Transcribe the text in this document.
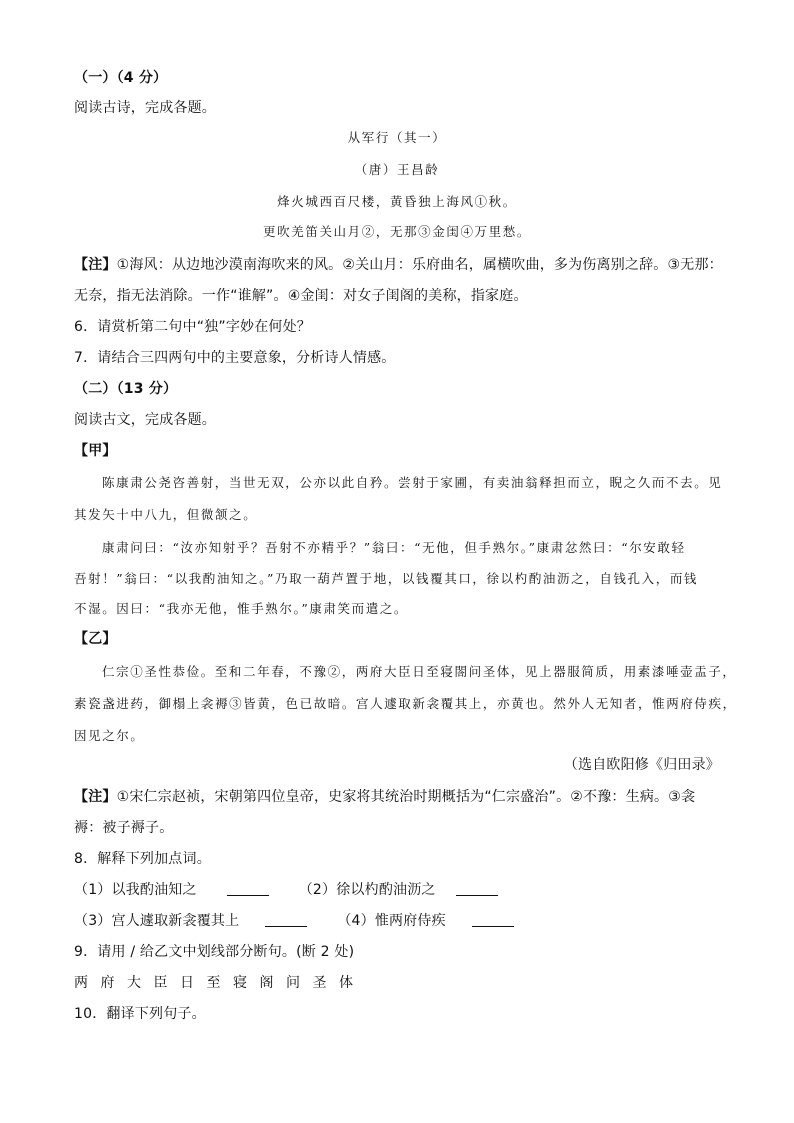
（一）（4 分）
阅读古诗，完成各题。
从军行（其一）
（唐）王昌龄
烽火城西百尺楼，黄昏独上海风①秋。
更吹羌笛关山月②，无那③金闺④万里愁。
【注】①海风：从边地沙漠南海吹来的风。②关山月：乐府曲名，属横吹曲，多为伤离别之辞。③无那：
无奈，指无法消除。一作“谁解”。④金闺：对女子闺阁的美称，指家庭。
6．请赏析第二句中“独”字妙在何处？
7．请结合三四两句中的主要意象，分析诗人情感。
（二）（13 分）
阅读古文，完成各题。
【甲】
陈康肃公尧咨善射，当世无双，公亦以此自矜。尝射于家圃，有卖油翁释担而立，睨之久而不去。见
其发矢十中八九，但微颔之。
康肃问曰：“汝亦知射乎？吾射不亦精乎？”翁曰：“无他，但手熟尔。”康肃忿然曰：“尔安敢轻
吾射！”翁曰：“以我酌油知之。”乃取一葫芦置于地，以钱覆其口，徐以杓酌油沥之，自钱孔入，而钱
不湿。因曰：“我亦无他，惟手熟尔。”康肃笑而遣之。
【乙】
仁宗①圣性恭俭。至和二年春，不豫②，两府大臣日至寝閤问圣体，见上器服简质，用素漆唾壶盂子，
素瓷盏进药，御榻上衾褥③皆黄，色已故暗。宫人遽取新衾覆其上，亦黄也。然外人无知者，惟两府侍疾，
因见之尔。
（选自欧阳修《归田录》
【注】①宋仁宗赵祯，宋朝第四位皇帝，史家将其统治时期概括为“仁宗盛治”。②不豫：生病。③衾
褥：被子褥子。
8．解释下列加点词。
（1）以我酌油知之	（2）徐以杓酌油沥之
（3）宫人遽取新衾覆其上	（4）惟两府侍疾
9．请用 / 给乙文中划线部分断句。(断 2 处)
两府大臣日至寝阁问圣体
10．翻译下列句子。
